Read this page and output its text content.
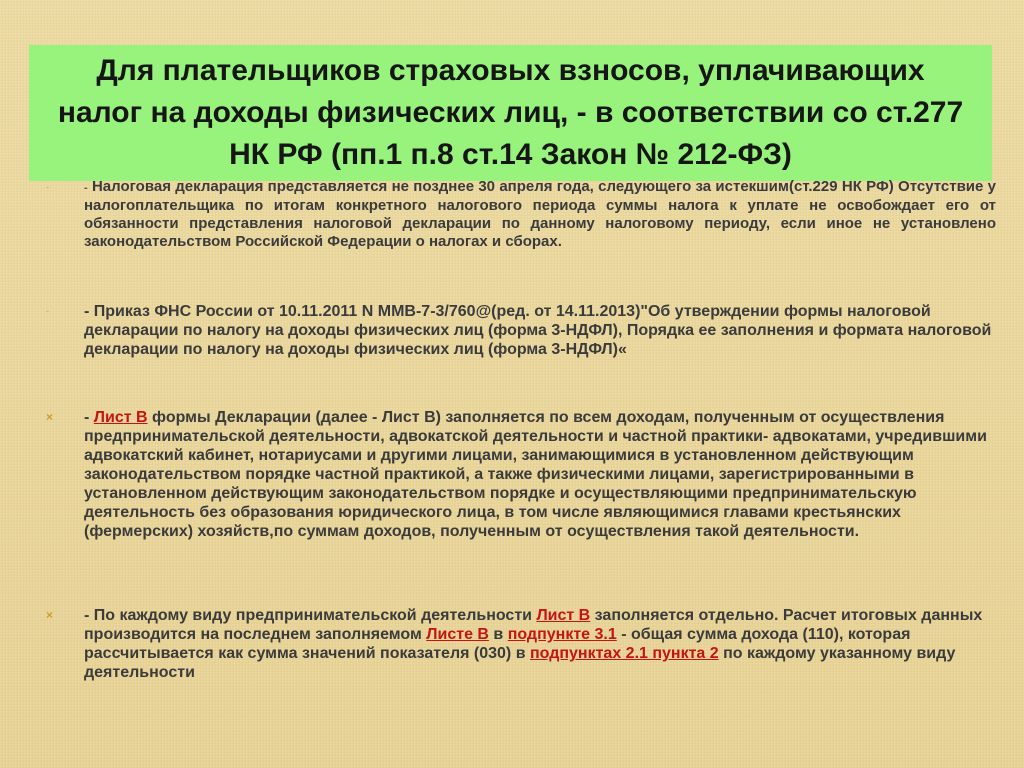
Для плательщиков страховых взносов, уплачивающих налог на доходы физических лиц, - в соответствии со ст.277 НК РФ (пп.1 п.8 ст.14 Закон № 212-ФЗ)
-	- Налоговая декларация представляется не позднее 30 апреля года, следующего за истекшим(ст.229 НК РФ) Отсутствие у налогоплательщика по итогам конкретного налогового периода суммы налога к уплате не освобождает его от обязанности представления налоговой декларации по данному налоговому периоду, если иное не установлено законодательством Российской Федерации о налогах и сборах.
- - Приказ ФНС России от 10.11.2011 N ММВ-7-3/760@(ред. от 14.11.2013)"Об утверждении формы налоговой декларации по налогу на доходы физических лиц (форма 3-НДФЛ), Порядка ее заполнения и формата налоговой декларации по налогу на доходы физических лиц (форма 3-НДФЛ)«
× - Лист В формы Декларации (далее - Лист В) заполняется по всем доходам, полученным от осуществления предпринимательской деятельности, адвокатской деятельности и частной практики- адвокатами, учредившими адвокатский кабинет, нотариусами и другими лицами, занимающимися в установленном действующим законодательством порядке частной практикой, а также физическими лицами, зарегистрированными в установленном действующим законодательством порядке и осуществляющими предпринимательскую деятельность без образования юридического лица, в том числе являющимися главами крестьянских (фермерских) хозяйств,по суммам доходов, полученным от осуществления такой деятельности.
× - По каждому виду предпринимательской деятельности Лист В заполняется отдельно. Расчет итоговых данных производится на последнем заполняемом Листе В в подпункте 3.1 - общая сумма дохода (110), которая рассчитывается как сумма значений показателя (030) в подпунктах 2.1 пункта 2 по каждому указанному виду деятельности
